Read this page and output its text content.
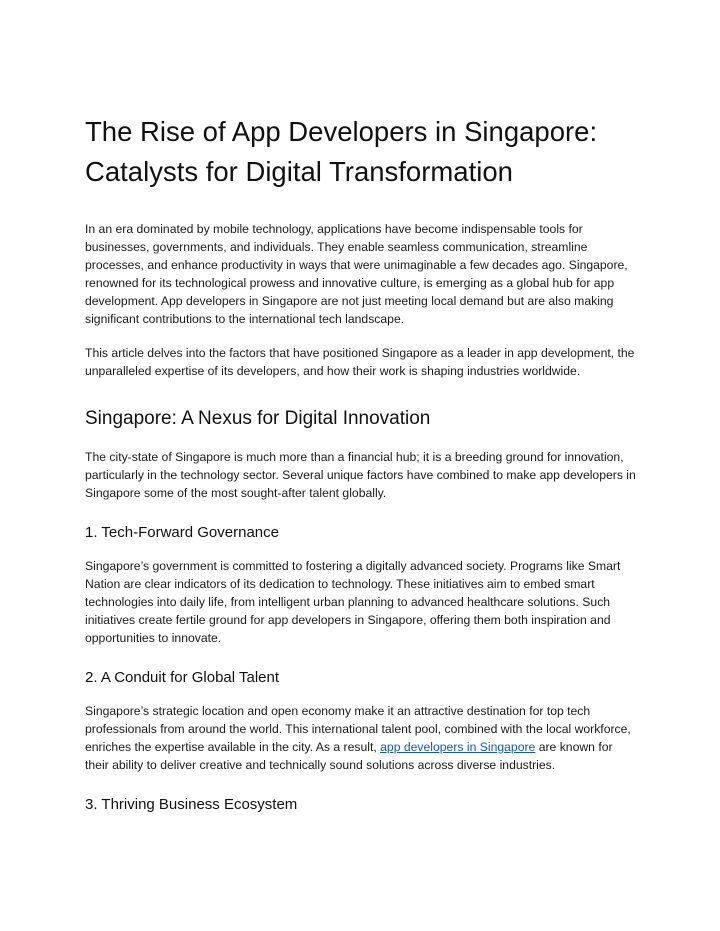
The Rise of App Developers in Singapore: Catalysts for Digital Transformation

In an era dominated by mobile technology, applications have become indispensable tools for businesses, governments, and individuals. They enable seamless communication, streamline processes, and enhance productivity in ways that were unimaginable a few decades ago. Singapore, renowned for its technological prowess and innovative culture, is emerging as a global hub for app development. App developers in Singapore are not just meeting local demand but are also making significant contributions to the international tech landscape.

This article delves into the factors that have positioned Singapore as a leader in app development, the unparalleled expertise of its developers, and how their work is shaping industries worldwide.

Singapore: A Nexus for Digital Innovation

The city-state of Singapore is much more than a financial hub; it is a breeding ground for innovation, particularly in the technology sector. Several unique factors have combined to make app developers in Singapore some of the most sought-after talent globally.

1. Tech-Forward Governance

Singapore’s government is committed to fostering a digitally advanced society. Programs like Smart Nation are clear indicators of its dedication to technology. These initiatives aim to embed smart technologies into daily life, from intelligent urban planning to advanced healthcare solutions. Such initiatives create fertile ground for app developers in Singapore, offering them both inspiration and opportunities to innovate.

2. A Conduit for Global Talent

Singapore’s strategic location and open economy make it an attractive destination for top tech professionals from around the world. This international talent pool, combined with the local workforce, enriches the expertise available in the city. As a result, app developers in Singapore are known for their ability to deliver creative and technically sound solutions across diverse industries.

3. Thriving Business Ecosystem
